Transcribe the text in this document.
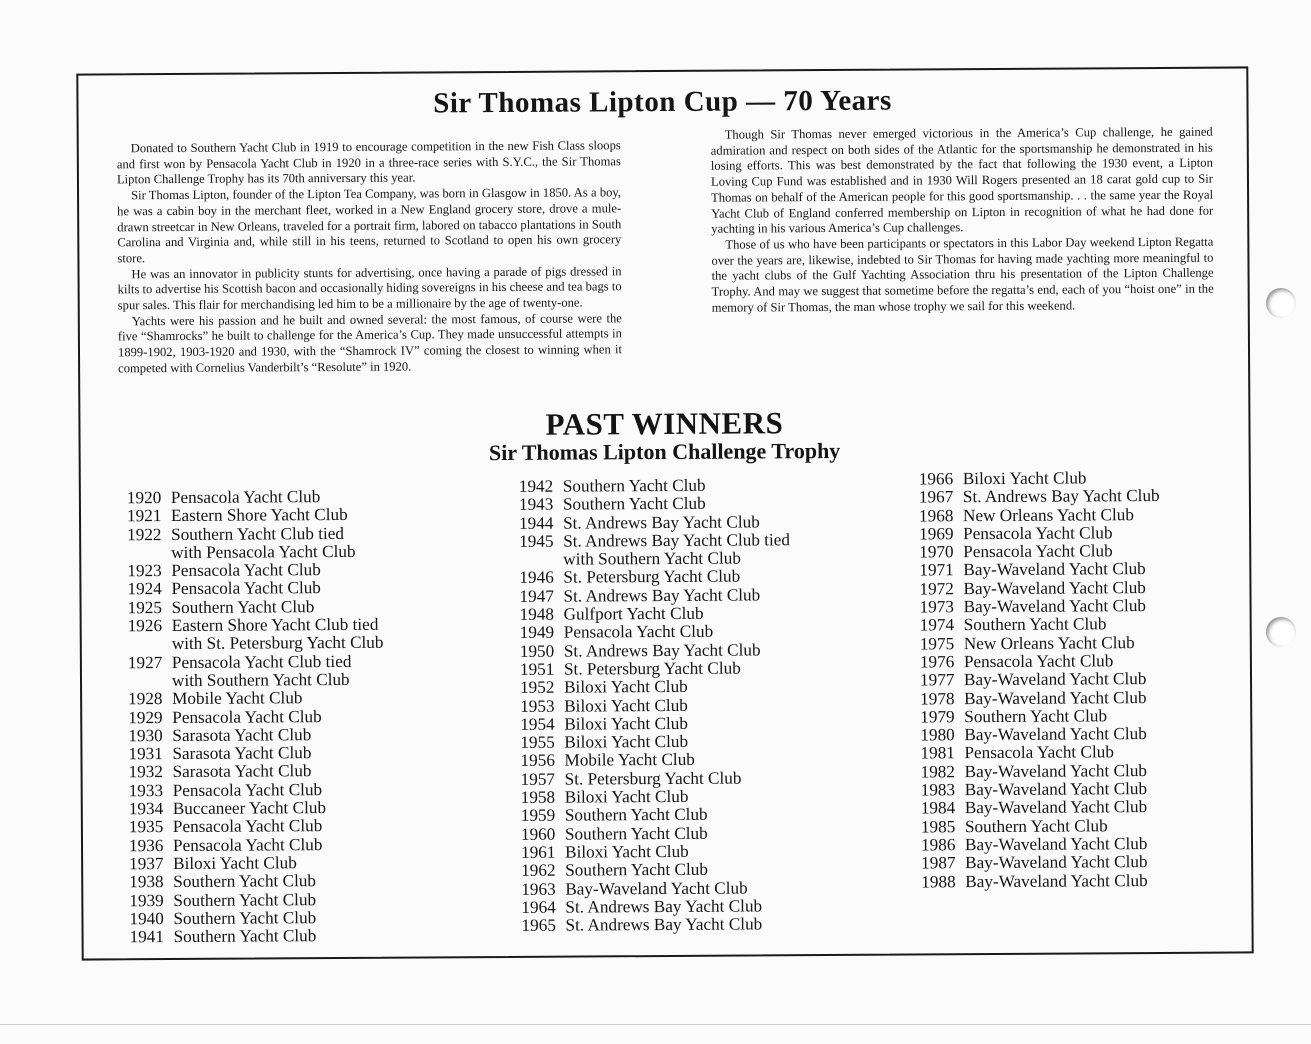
Sir Thomas Lipton Cup — 70 Years

Donated to Southern Yacht Club in 1919 to encourage competition in the new Fish Class sloops and first won by Pensacola Yacht Club in 1920 in a three-race series with S.Y.C., the Sir Thomas Lipton Challenge Trophy has its 70th anniversary this year.

Sir Thomas Lipton, founder of the Lipton Tea Company, was born in Glasgow in 1850. As a boy, he was a cabin boy in the merchant fleet, worked in a New England grocery store, drove a mule-drawn streetcar in New Orleans, traveled for a portrait firm, labored on tabacco plantations in South Carolina and Virginia and, while still in his teens, returned to Scotland to open his own grocery store.

He was an innovator in publicity stunts for advertising, once having a parade of pigs dressed in kilts to advertise his Scottish bacon and occasionally hiding sovereigns in his cheese and tea bags to spur sales. This flair for merchandising led him to be a millionaire by the age of twenty-one.

Yachts were his passion and he built and owned several: the most famous, of course were the five “Shamrocks” he built to challenge for the America’s Cup. They made unsuccessful attempts in 1899-1902, 1903-1920 and 1930, with the “Shamrock IV” coming the closest to winning when it competed with Cornelius Vanderbilt’s “Resolute” in 1920.

Though Sir Thomas never emerged victorious in the America’s Cup challenge, he gained admiration and respect on both sides of the Atlantic for the sportsmanship he demonstrated in his losing efforts. This was best demonstrated by the fact that following the 1930 event, a Lipton Loving Cup Fund was established and in 1930 Will Rogers presented an 18 carat gold cup to Sir Thomas on behalf of the American people for this good sportsmanship. . . the same year the Royal Yacht Club of England conferred membership on Lipton in recognition of what he had done for yachting in his various America’s Cup challenges.

Those of us who have been participants or spectators in this Labor Day weekend Lipton Regatta over the years are, likewise, indebted to Sir Thomas for having made yachting more meaningful to the yacht clubs of the Gulf Yachting Association thru his presentation of the Lipton Challenge Trophy. And may we suggest that sometime before the regatta’s end, each of you “hoist one” in the memory of Sir Thomas, the man whose trophy we sail for this weekend.

PAST WINNERS
Sir Thomas Lipton Challenge Trophy
1920 Pensacola Yacht Club
1921 Eastern Shore Yacht Club
1922 Southern Yacht Club tied
with Pensacola Yacht Club
1923 Pensacola Yacht Club
1924 Pensacola Yacht Club
1925 Southern Yacht Club
1926 Eastern Shore Yacht Club tied
with St. Petersburg Yacht Club
1927 Pensacola Yacht Club tied
with Southern Yacht Club
1928 Mobile Yacht Club
1929 Pensacola Yacht Club
1930 Sarasota Yacht Club
1931 Sarasota Yacht Club
1932 Sarasota Yacht Club
1933 Pensacola Yacht Club
1934 Buccaneer Yacht Club
1935 Pensacola Yacht Club
1936 Pensacola Yacht Club
1937 Biloxi Yacht Club
1938 Southern Yacht Club
1939 Southern Yacht Club
1940 Southern Yacht Club
1941 Southern Yacht Club
1942 Southern Yacht Club
1943 Southern Yacht Club
1944 St. Andrews Bay Yacht Club
1945 St. Andrews Bay Yacht Club tied
with Southern Yacht Club
1946 St. Petersburg Yacht Club
1947 St. Andrews Bay Yacht Club
1948 Gulfport Yacht Club
1949 Pensacola Yacht Club
1950 St. Andrews Bay Yacht Club
1951 St. Petersburg Yacht Club
1952 Biloxi Yacht Club
1953 Biloxi Yacht Club
1954 Biloxi Yacht Club
1955 Biloxi Yacht Club
1956 Mobile Yacht Club
1957 St. Petersburg Yacht Club
1958 Biloxi Yacht Club
1959 Southern Yacht Club
1960 Southern Yacht Club
1961 Biloxi Yacht Club
1962 Southern Yacht Club
1963 Bay-Waveland Yacht Club
1964 St. Andrews Bay Yacht Club
1965 St. Andrews Bay Yacht Club
1966 Biloxi Yacht Club
1967 St. Andrews Bay Yacht Club
1968 New Orleans Yacht Club
1969 Pensacola Yacht Club
1970 Pensacola Yacht Club
1971 Bay-Waveland Yacht Club
1972 Bay-Waveland Yacht Club
1973 Bay-Waveland Yacht Club
1974 Southern Yacht Club
1975 New Orleans Yacht Club
1976 Pensacola Yacht Club
1977 Bay-Waveland Yacht Club
1978 Bay-Waveland Yacht Club
1979 Southern Yacht Club
1980 Bay-Waveland Yacht Club
1981 Pensacola Yacht Club
1982 Bay-Waveland Yacht Club
1983 Bay-Waveland Yacht Club
1984 Bay-Waveland Yacht Club
1985 Southern Yacht Club
1986 Bay-Waveland Yacht Club
1987 Bay-Waveland Yacht Club
1988 Bay-Waveland Yacht Club
